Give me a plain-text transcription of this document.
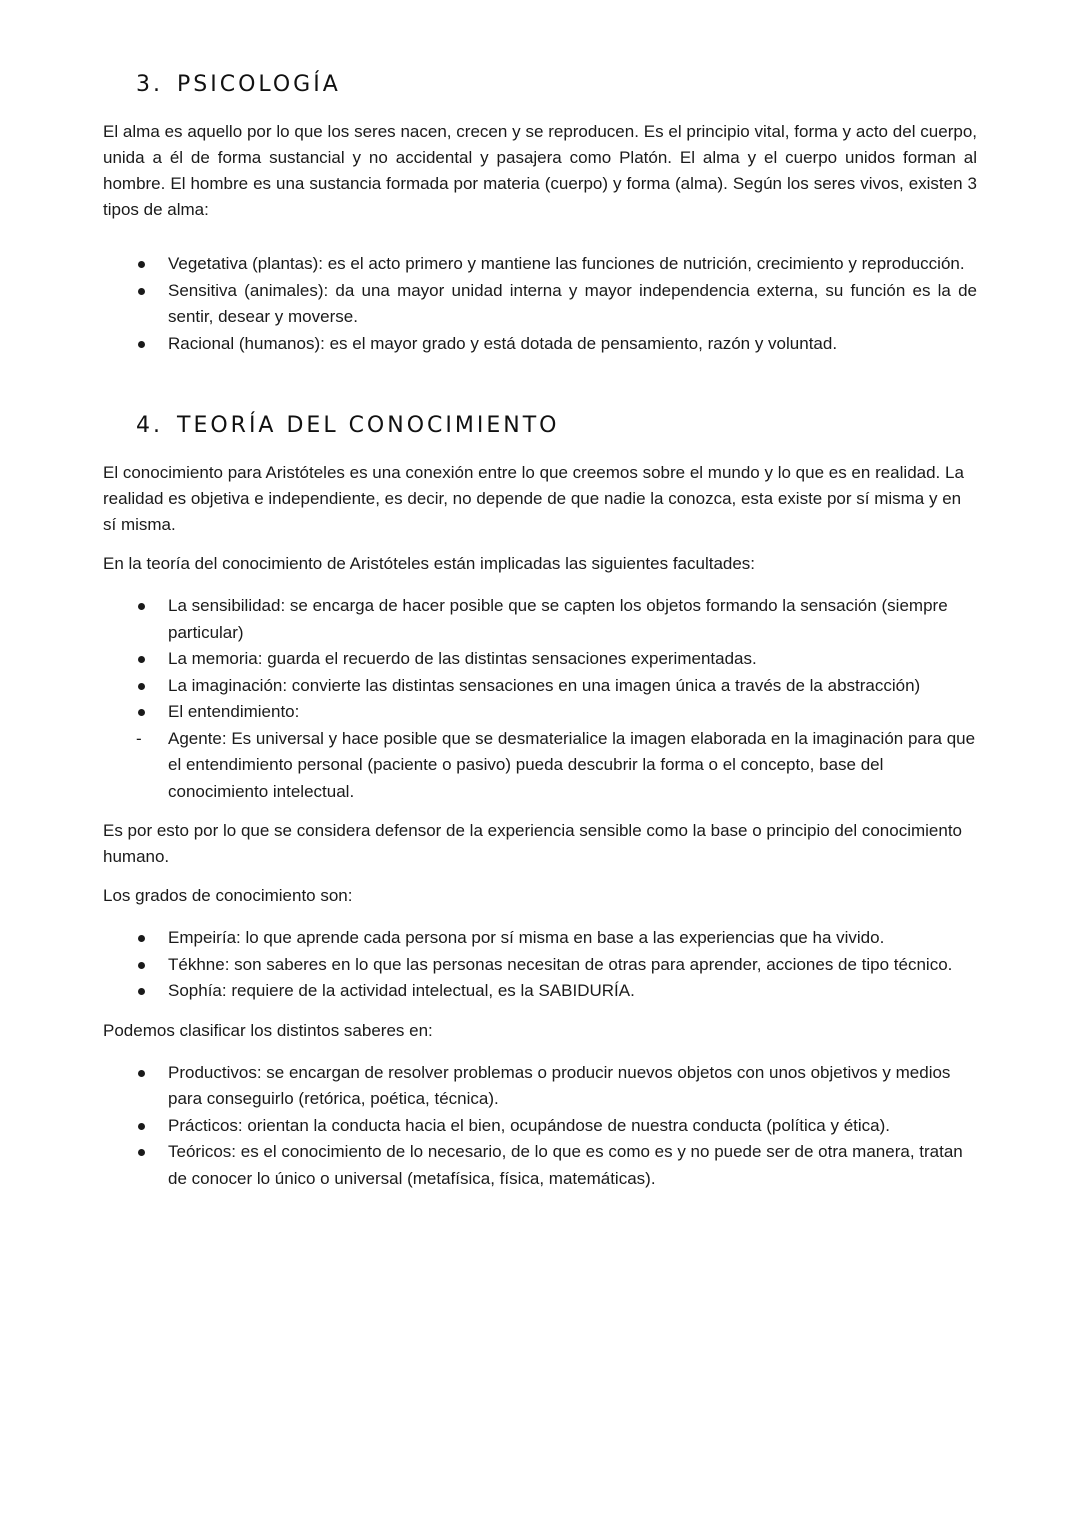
3. PSICOLOGÍA

El alma es aquello por lo que los seres nacen, crecen y se reproducen. Es el principio vital, forma y acto del cuerpo, unida a él de forma sustancial y no accidental y pasajera como Platón. El alma y el cuerpo unidos forman al hombre. El hombre es una sustancia formada por materia (cuerpo) y forma (alma). Según los seres vivos, existen 3 tipos de alma:

Vegetativa (plantas): es el acto primero y mantiene las funciones de nutrición, crecimiento y reproducción.
Sensitiva (animales): da una mayor unidad interna y mayor independencia externa, su función es la de sentir, desear y moverse.
Racional (humanos): es el mayor grado y está dotada de pensamiento, razón y voluntad.
4. TEORÍA DEL CONOCIMIENTO

El conocimiento para Aristóteles es una conexión entre lo que creemos sobre el mundo y lo que es en realidad. La realidad es objetiva e independiente, es decir, no depende de que nadie la conozca, esta existe por sí misma y en sí misma.

En la teoría del conocimiento de Aristóteles están implicadas las siguientes facultades:

La sensibilidad: se encarga de hacer posible que se capten los objetos formando la sensación (siempre particular)
La memoria: guarda el recuerdo de las distintas sensaciones experimentadas.
La imaginación: convierte las distintas sensaciones en una imagen única a través de la abstracción)
El entendimiento:
-	Agente: Es universal y hace posible que se desmaterialice la imagen elaborada en la imaginación para que el entendimiento personal (paciente o pasivo) pueda descubrir la forma o el concepto, base del conocimiento intelectual.

Es por esto por lo que se considera defensor de la experiencia sensible como la base o principio del conocimiento humano.

Los grados de conocimiento son:

Empeiría: lo que aprende cada persona por sí misma en base a las experiencias que ha vivido.
Tékhne: son saberes en lo que las personas necesitan de otras para aprender, acciones de tipo técnico.
Sophía: requiere de la actividad intelectual, es la SABIDURÍA.

Podemos clasificar los distintos saberes en:

Productivos: se encargan de resolver problemas o producir nuevos objetos con unos objetivos y medios para conseguirlo (retórica, poética, técnica).
Prácticos: orientan la conducta hacia el bien, ocupándose de nuestra conducta (política y ética).
Teóricos: es el conocimiento de lo necesario, de lo que es como es y no puede ser de otra manera, tratan de conocer lo único o universal (metafísica, física, matemáticas).
